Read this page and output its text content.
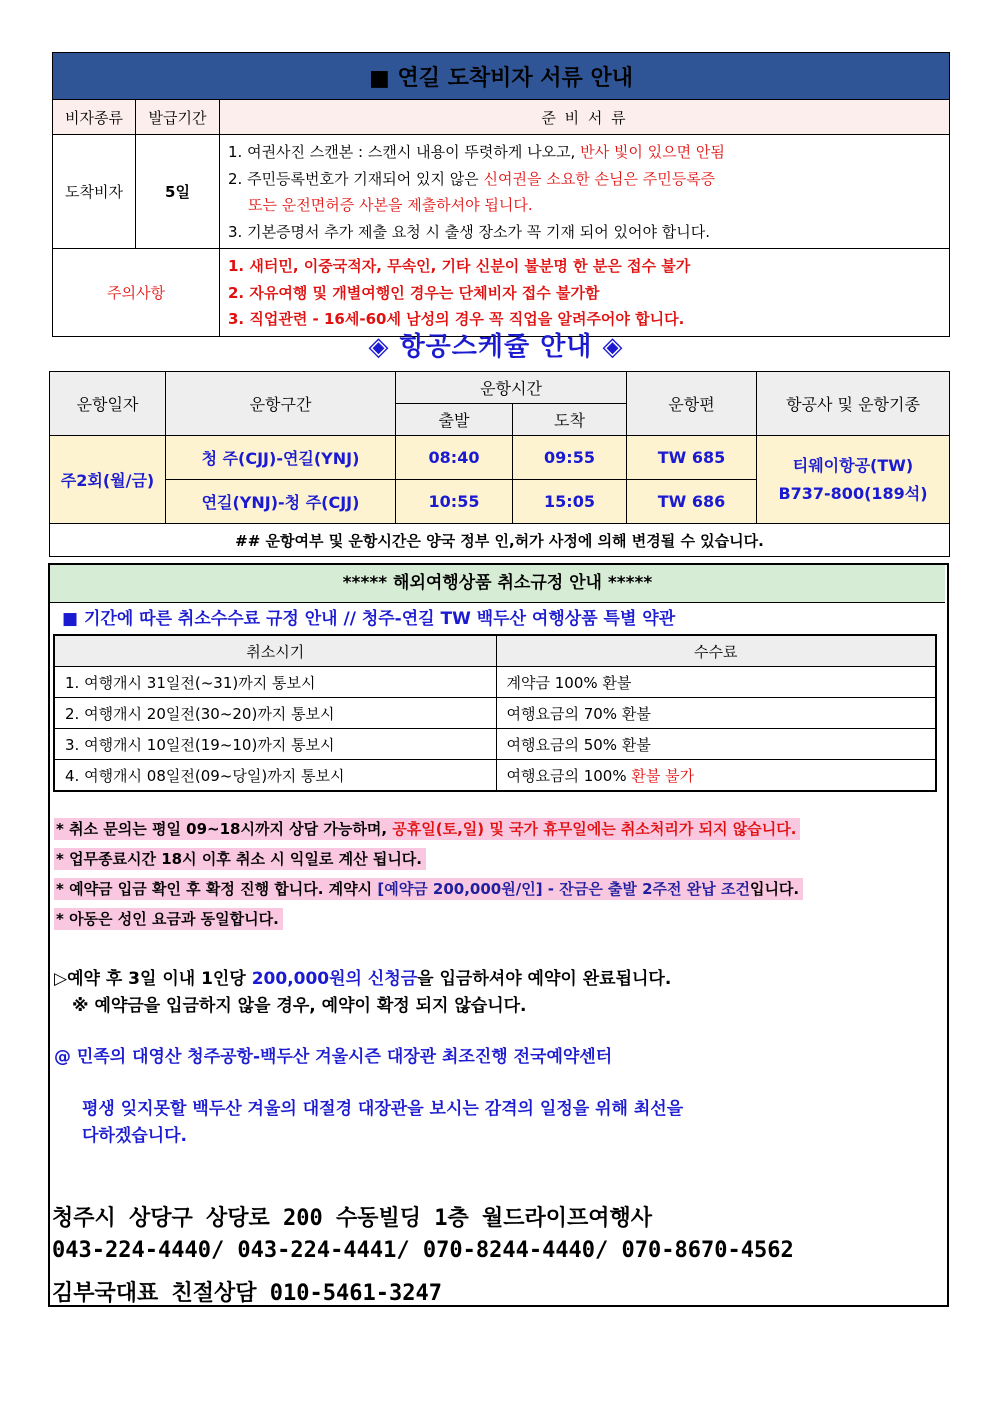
■ 연길 도착비자 서류 안내		
비자종류	발급기간	준 비 서 류
도착비자	5일	1. 여권사진 스캔본 : 스캔시 내용이 뚜렷하게 나오고, 반사 빛이 있으면 안됨
2. 주민등록번호가 기재되어 있지 않은 신여권을 소요한 손님은 주민등록증
또는 운전면허증 사본을 제출하셔야 됩니다.
3. 기본증명서 추가 제출 요청 시 출생 장소가 꼭 기재 되어 있어야 합니다.

주의사항		1. 새터민, 이중국적자, 무속인, 기타 신분이 불분명 한 분은 접수 불가
2. 자유여행 및 개별여행인 경우는 단체비자 접수 불가함
3. 직업관련 - 16세-60세 남성의 경우 꼭 직업을 알려주어야 합니다.
◈ 항공스케쥴 안내 ◈
운항일자	운항구간	운항시간		운항편	항공사 및 운항기종
		출발	도착		
주2회(월/금)	청 주(CJJ)-연길(YNJ)	08:40	09:55	TW 685	티웨이항공(TW)
B737-800(189석)

	연길(YNJ)-청 주(CJJ)	10:55	15:05	TW 686	
## 운항여부 및 운항시간은 양국 정부 인,허가 사정에 의해 변경될 수 있습니다.					
***** 해외여행상품 취소규정 안내 *****
■ 기간에 따른 취소수수료 규정 안내 // 청주-연길 TW 백두산 여행상품 특별 약관
취소시기	수수료
1. 여행개시 31일전(~31)까지 통보시	계약금 100% 환불
2. 여행개시 20일전(30~20)까지 통보시	여행요금의 70% 환불
3. 여행개시 10일전(19~10)까지 통보시	여행요금의 50% 환불
4. 여행개시 08일전(09~당일)까지 통보시	여행요금의 100% 환불 불가
* 취소 문의는 평일 09~18시까지 상담 가능하며, 공휴일(토,일) 및 국가 휴무일에는 취소처리가 되지 않습니다.
* 업무종료시간 18시 이후 취소 시 익일로 계산 됩니다.
* 예약금 입금 확인 후 확정 진행 합니다. 계약시 [예약금 200,000원/인] - 잔금은 출발 2주전 완납 조건입니다.
* 아동은 성인 요금과 동일합니다.
▷예약 후 3일 이내 1인당 200,000원의 신청금을 입금하셔야 예약이 완료됩니다.
※ 예약금을 입금하지 않을 경우, 예약이 확정 되지 않습니다.
@ 민족의 대영산 청주공항-백두산 겨울시즌 대장관 최조진행 전국예약센터
평생 잊지못할 백두산 겨울의 대절경 대장관을 보시는 감격의 일정을 위해 최선을
다하겠습니다.
청주시 상당구 상당로 200 수동빌딩 1층 월드라이프여행사
043-224-4440/ 043-224-4441/ 070-8244-4440/ 070-8670-4562
김부국대표 친절상담 010-5461-3247
